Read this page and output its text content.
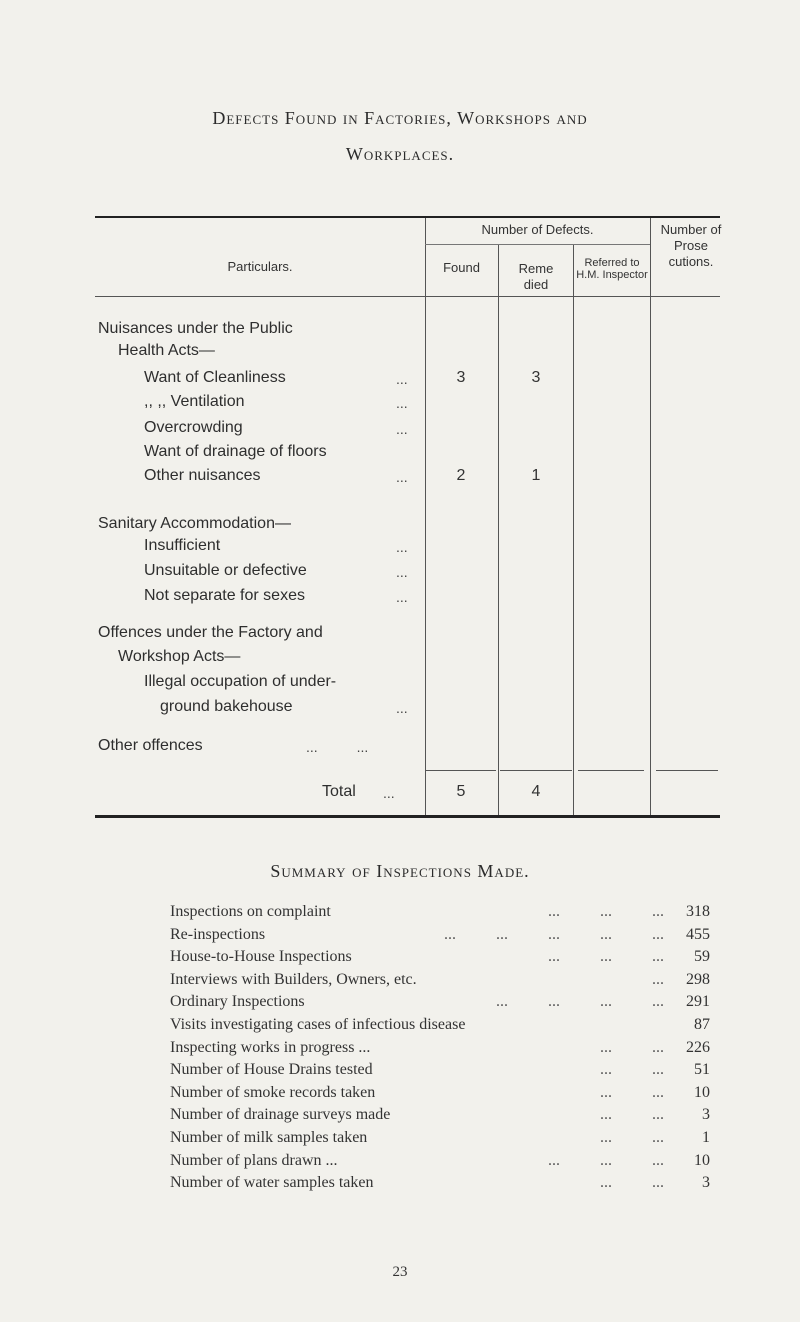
Defects Found in Factories, Workshops and
Workplaces.
Particulars.
Number of Defects.
Found	Reme died
Referred to H.M. Inspector
Number of Prose cutions.
Nuisances under the Public
Health Acts—
Want of Cleanliness	...	3	3
,, ,, Ventilation	...
Overcrowding	...
Want of drainage of floors
Other nuisances	...	2	1
Sanitary Accommodation—
Insufficient	...
Unsuitable or defective	...
Not separate for sexes	...
Offences under the Factory and
Workshop Acts—
Illegal occupation of under-
ground bakehouse	...
Other offences	...          ...
Total ...	5	4
Summary of Inspections Made.
Inspections on complaint	...          ...          ... 318
Re-inspections	...          ...          ...          ...          ... 455
House-to-House Inspections	...          ...          ... 59
Interviews with Builders, Owners, etc.	... 298
Ordinary Inspections	...          ...          ...          ... 291
Visits investigating cases of infectious disease	87
Inspecting works in progress ...	...          ... 226
Number of House Drains tested	...          ... 51
Number of smoke records taken	...          ... 10
Number of drainage surveys made	...          ... 3
Number of milk samples taken	...          ... 1
Number of plans drawn ...	...          ...          ... 10
Number of water samples taken	...          ... 3
23
